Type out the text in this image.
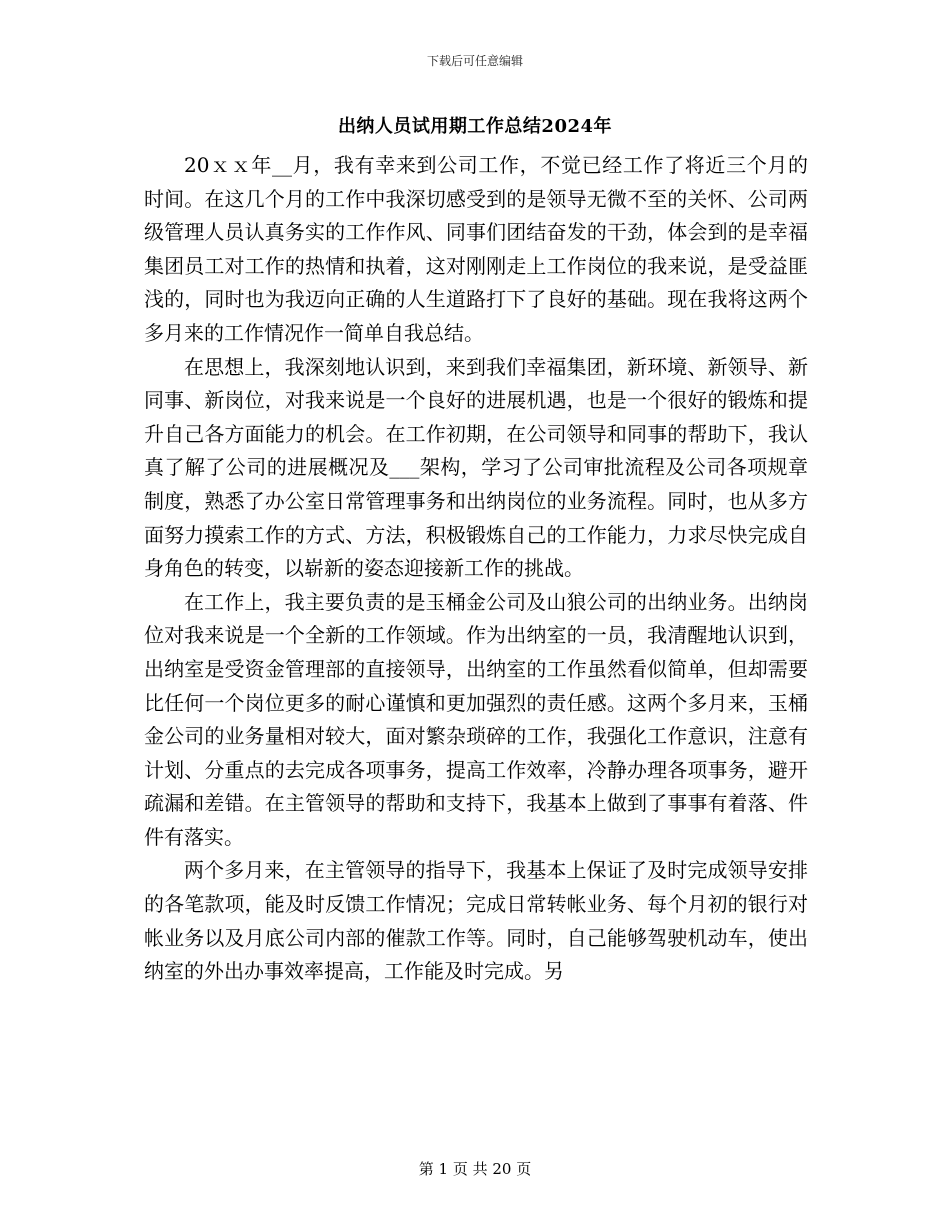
下载后可任意编辑
出纳人员试用期工作总结2024年

20ｘｘ年__月，我有幸来到公司工作，不觉已经工作了将近三个月的时间。在这几个月的工作中我深切感受到的是领导无微不至的关怀、公司两级管理人员认真务实的工作作风、同事们团结奋发的干劲，体会到的是幸福集团员工对工作的热情和执着，这对刚刚走上工作岗位的我来说，是受益匪浅的，同时也为我迈向正确的人生道路打下了良好的基础。现在我将这两个多月来的工作情况作一简单自我总结。

在思想上，我深刻地认识到，来到我们幸福集团，新环境、新领导、新同事、新岗位，对我来说是一个良好的进展机遇，也是一个很好的锻炼和提升自己各方面能力的机会。在工作初期，在公司领导和同事的帮助下，我认真了解了公司的进展概况及___架构，学习了公司审批流程及公司各项规章制度，熟悉了办公室日常管理事务和出纳岗位的业务流程。同时，也从多方面努力摸索工作的方式、方法，积极锻炼自己的工作能力，力求尽快完成自身角色的转变，以崭新的姿态迎接新工作的挑战。

在工作上，我主要负责的是玉桶金公司及山狼公司的出纳业务。出纳岗位对我来说是一个全新的工作领域。作为出纳室的一员，我清醒地认识到，出纳室是受资金管理部的直接领导，出纳室的工作虽然看似简单，但却需要比任何一个岗位更多的耐心谨慎和更加强烈的责任感。这两个多月来，玉桶金公司的业务量相对较大，面对繁杂琐碎的工作，我强化工作意识，注意有计划、分重点的去完成各项事务，提高工作效率，冷静办理各项事务，避开疏漏和差错。在主管领导的帮助和支持下，我基本上做到了事事有着落、件件有落实。

两个多月来，在主管领导的指导下，我基本上保证了及时完成领导安排的各笔款项，能及时反馈工作情况；完成日常转帐业务、每个月初的银行对帐业务以及月底公司内部的催款工作等。同时，自己能够驾驶机动车，使出纳室的外出办事效率提高，工作能及时完成。另

第 1 页 共 20 页
